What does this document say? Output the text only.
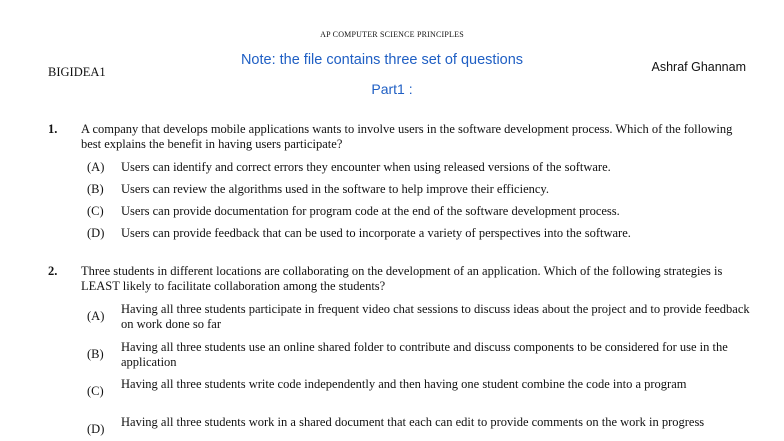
AP COMPUTER SCIENCE PRINCIPLES
Note: the file contains three set of questions
Part1 :
BIGIDEA1	Ashraf Ghannam
1. A company that develops mobile applications wants to involve users in the software development process. Which of the following best explains the benefit in having users participate?
(A) Users can identify and correct errors they encounter when using released versions of the software.
(B) Users can review the algorithms used in the software to help improve their efficiency.
(C) Users can provide documentation for program code at the end of the software development process.
(D) Users can provide feedback that can be used to incorporate a variety of perspectives into the software.
2. Three students in different locations are collaborating on the development of an application. Which of the following strategies is LEAST likely to facilitate collaboration among the students?
(A) Having all three students participate in frequent video chat sessions to discuss ideas about the project and to provide feedback on work done so far
(B) Having all three students use an online shared folder to contribute and discuss components to be considered for use in the application
(C) Having all three students write code independently and then having one student combine the code into a program
(D) Having all three students work in a shared document that each can edit to provide comments on the work in progress
